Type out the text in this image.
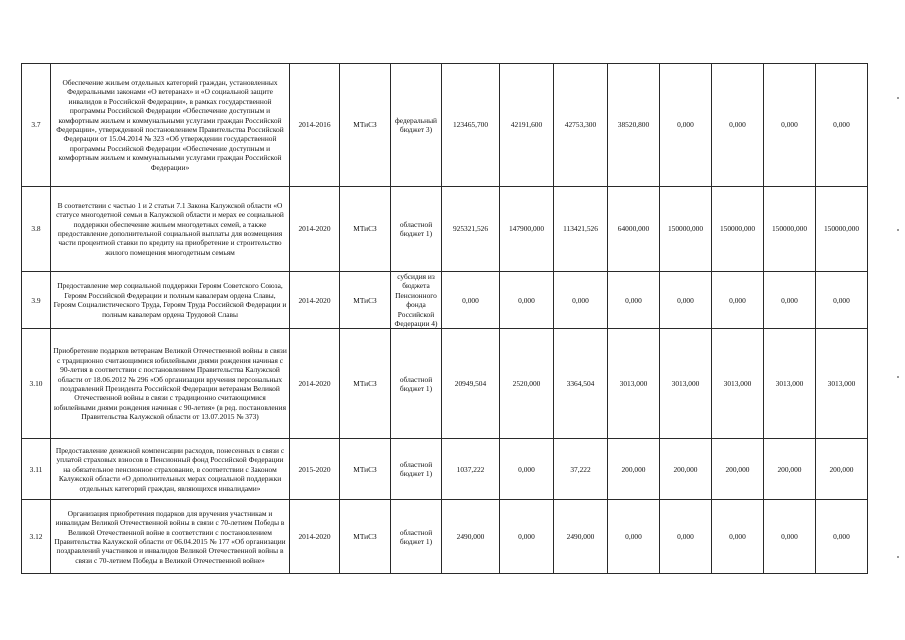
3.7	Обеспечение жильем отдельных категорий граждан, установленных Федеральными законами «О ветеранах» и «О социальной защите инвалидов в Российской Федерации», в рамках государственной программы Российской Федерации «Обеспечение доступным и комфортным жильем и коммунальными услугами граждан Российской Федерации», утвержденной постановлением Правительства Российской Федерации от 15.04.2014 № 323 «Об утверждении государственной программы Российской Федерации «Обеспечение доступным и комфортным жильем и коммунальными услугами граждан Российской Федерации»	2014-2016	МТиСЗ	федеральный бюджет 3)	123465,700	42191,600	42753,300	38520,800	0,000	0,000	0,000	0,000
3.8	В соответствии с частью 1 и 2 статьи 7.1 Закона Калужской области «О статусе многодетной семьи в Калужской области и мерах ее социальной поддержки обеспечение жильем многодетных семей, а также предоставление дополнительной социальной выплаты для возмещения части процентной ставки по кредиту на приобретение и строительство жилого помещения многодетным семьям	2014-2020	МТиСЗ	областной бюджет 1)	925321,526	147900,000	113421,526	64000,000	150000,000	150000,000	150000,000	150000,000
3.9	Предоставление мер социальной поддержки Героям Советского Союза, Героям Российской Федерации и полным кавалерам ордена Славы, Героям Социалистического Труда, Героям Труда Российской Федерации и полным кавалерам ордена Трудовой Славы	2014-2020	МТиСЗ	субсидия из бюджета Пенсионного фонда Российской Федерации 4)	0,000	0,000	0,000	0,000	0,000	0,000	0,000	0,000
3.10	Приобретение подарков ветеранам Великой Отечественной войны в связи с традиционно считающимися юбилейными днями рождения начиная с 90-летия в соответствии с постановлением Правительства Калужской области от 18.06.2012 № 296 «Об организации вручения персональных поздравлений Президента Российской Федерации ветеранам Великой Отечественной войны в связи с традиционно считающимися юбилейными днями рождения начиная с 90-летия» (в ред. постановления Правительства Калужской области от 13.07.2015 № 373)	2014-2020	МТиСЗ	областной бюджет 1)	20949,504	2520,000	3364,504	3013,000	3013,000	3013,000	3013,000	3013,000
3.11	Предоставление денежной компенсации расходов, понесенных в связи с уплатой страховых взносов в Пенсионный фонд Российской Федерации на обязательное пенсионное страхование, в соответствии с Законом Калужской области «О дополнительных мерах социальной поддержки отдельных категорий граждан, являющихся инвалидами»	2015-2020	МТиСЗ	областной бюджет 1)	1037,222	0,000	37,222	200,000	200,000	200,000	200,000	200,000
3.12	Организация приобретения подарков для вручения участникам и инвалидам Великой Отечественной войны в связи с 70-летием Победы в Великой Отечественной войне в соответствии с постановлением Правительства Калужской области от 06.04.2015 № 177 «Об организации поздравлений участников и инвалидов Великой Отечественной войны в связи с 70-летием Победы в Великой Отечественной войне»	2014-2020	МТиСЗ	областной бюджет 1)	2490,000	0,000	2490,000	0,000	0,000	0,000	0,000	0,000
